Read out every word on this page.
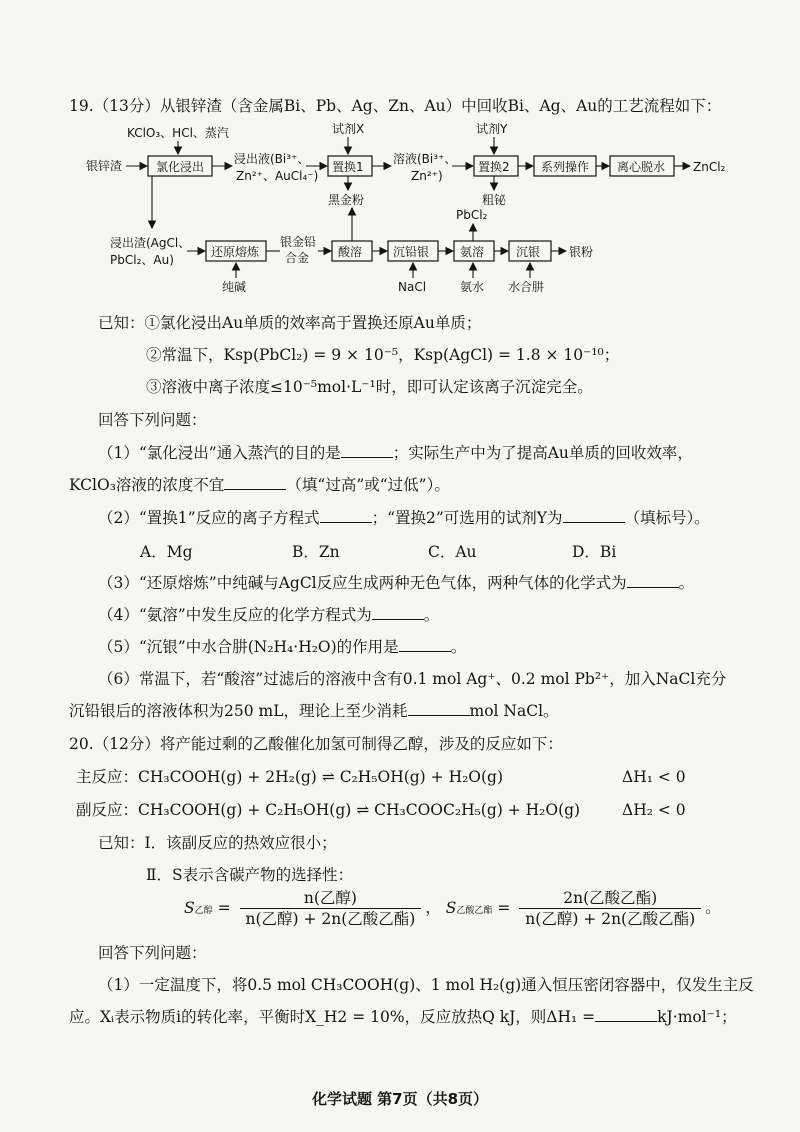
19.（13分）从银锌渣（含金属Bi、Pb、Ag、Zn、Au）中回收Bi、Ag、Au的工艺流程如下：
KClO₃、HCl、蒸汽
银锌渣	氯化浸出
浸出液(Bi³⁺、
Zn²⁺、AuCl₄⁻)
试剂X
置换1
黑金粉
溶液(Bi³⁺、
Zn²⁺)
试剂Y
置换2
粗铋
系列操作 离心脱水 ZnCl₂
浸出渣(AgCl、
PbCl₂、Au)
还原熔炼
纯碱
银金铅
合金 酸溶	沉铅银
NaCl
PbCl₂
氨溶
氨水
沉银
水合肼
银粉
已知：①氯化浸出Au单质的效率高于置换还原Au单质；
②常温下，Ksp(PbCl₂) = 9 × 10⁻⁵，Ksp(AgCl) = 1.8 × 10⁻¹⁰；
③溶液中离子浓度≤10⁻⁵mol·L⁻¹时，即可认定该离子沉淀完全。
回答下列问题：
（1）“氯化浸出”通入蒸汽的目的是	；实际生产中为了提高Au单质的回收效率，
KClO₃溶液的浓度不宜	（填“过高”或“过低”）。
（2）“置换1”反应的离子方程式	；“置换2”可选用的试剂Y为	（填标号）。
A．Mg	B．Zn	C．Au	D．Bi
（3）“还原熔炼”中纯碱与AgCl反应生成两种无色气体，两种气体的化学式为	。
（4）“氨溶”中发生反应的化学方程式为	。
（5）“沉银”中水合肼(N₂H₄·H₂O)的作用是	。
（6）常温下，若“酸溶”过滤后的溶液中含有0.1 mol Ag⁺、0.2 mol Pb²⁺，加入NaCl充分
沉铅银后的溶液体积为250 mL，理论上至少消耗	mol NaCl。
20.（12分）将产能过剩的乙酸催化加氢可制得乙醇，涉及的反应如下：
主反应：CH₃COOH(g) + 2H₂(g) ⇌ C₂H₅OH(g) + H₂O(g)	ΔH₁ < 0
副反应：CH₃COOH(g) + C₂H₅OH(g) ⇌ CH₃COOC₂H₅(g) + H₂O(g)	ΔH₂ < 0
已知：Ⅰ．该副反应的热效应很小；
Ⅱ．S表示含碳产物的选择性：
S乙醇 = $\frac{\text{n(乙醇)}}{\text{n(乙醇) + 2n(乙酸乙酯)}}$ ， S乙酸乙酯 = $\frac{\text{2n(乙酸乙酯)}}{\text{n(乙醇) + 2n(乙酸乙酯)}}$ 。
回答下列问题：
（1）一定温度下，将0.5 mol CH₃COOH(g)、1 mol H₂(g)通入恒压密闭容器中，仅发生主反
应。Xᵢ表示物质i的转化率，平衡时X_H2 = 10%，反应放热Q kJ，则ΔH₁ =	kJ·mol⁻¹；
化学试题 第7页（共8页）
